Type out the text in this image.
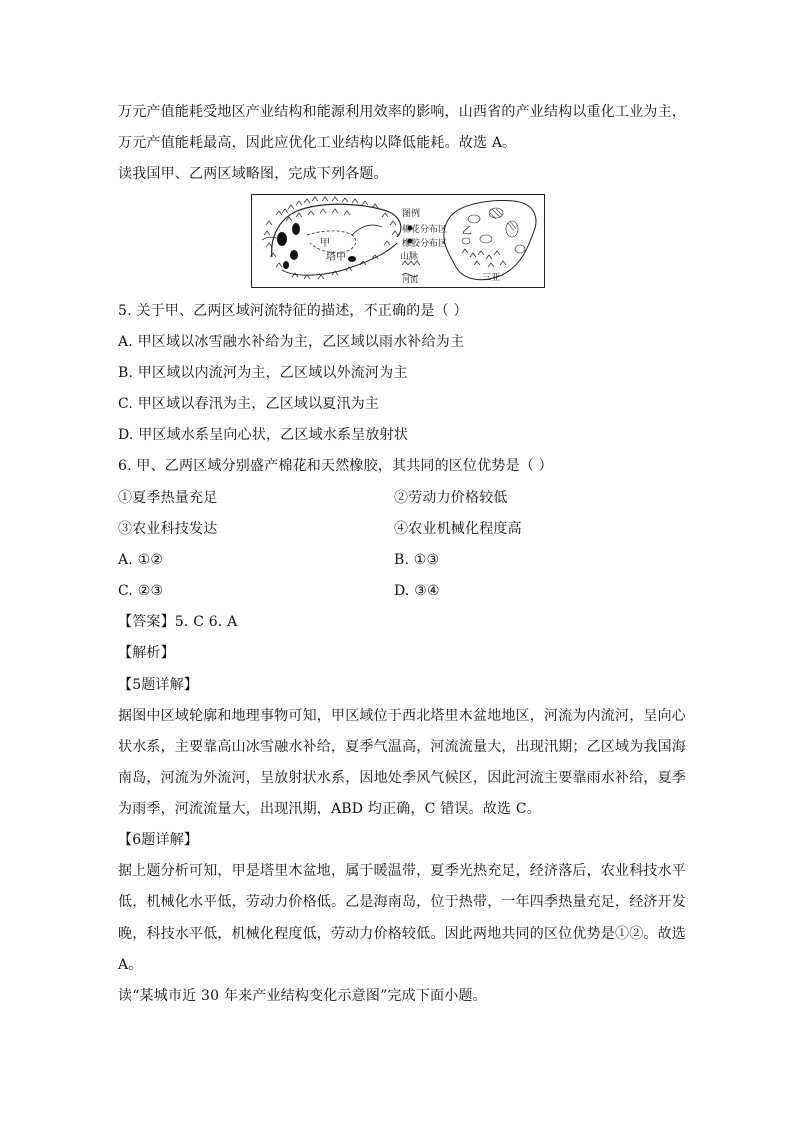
万元产值能耗受地区产业结构和能源利用效率的影响，山西省的产业结构以重化工业为主，
万元产值能耗最高，因此应优化工业结构以降低能耗。故选 A。
读我国甲、乙两区域略图，完成下列各题。
图例
棉花分布区
橡胶分布区
山脉
河流
甲
塔中
乙
三亚
5. 关于甲、乙两区域河流特征的描述，不正确的是（ ）
A. 甲区域以冰雪融水补给为主，乙区域以雨水补给为主
B. 甲区域以内流河为主，乙区域以外流河为主
C. 甲区域以春汛为主，乙区域以夏汛为主
D. 甲区域水系呈向心状，乙区域水系呈放射状
6. 甲、乙两区域分别盛产棉花和天然橡胶，其共同的区位优势是（ ）
①夏季热量充足	②劳动力价格较低
③农业科技发达	④农业机械化程度高
A. ①②	B. ①③
C. ②③	D. ③④
【答案】5. C 6. A
【解析】
【5题详解】
据图中区域轮廓和地理事物可知，甲区域位于西北塔里木盆地地区，河流为内流河，呈向心
状水系，主要靠高山冰雪融水补给，夏季气温高，河流流量大，出现汛期；乙区域为我国海
南岛，河流为外流河，呈放射状水系，因地处季风气候区，因此河流主要靠雨水补给，夏季
为雨季，河流流量大，出现汛期，ABD 均正确，C 错误。故选 C。
【6题详解】
据上题分析可知，甲是塔里木盆地，属于暖温带，夏季光热充足，经济落后，农业科技水平
低，机械化水平低，劳动力价格低。乙是海南岛，位于热带，一年四季热量充足，经济开发
晚，科技水平低，机械化程度低，劳动力价格较低。因此两地共同的区位优势是①②。故选
A。
读“某城市近 30 年来产业结构变化示意图”完成下面小题。
